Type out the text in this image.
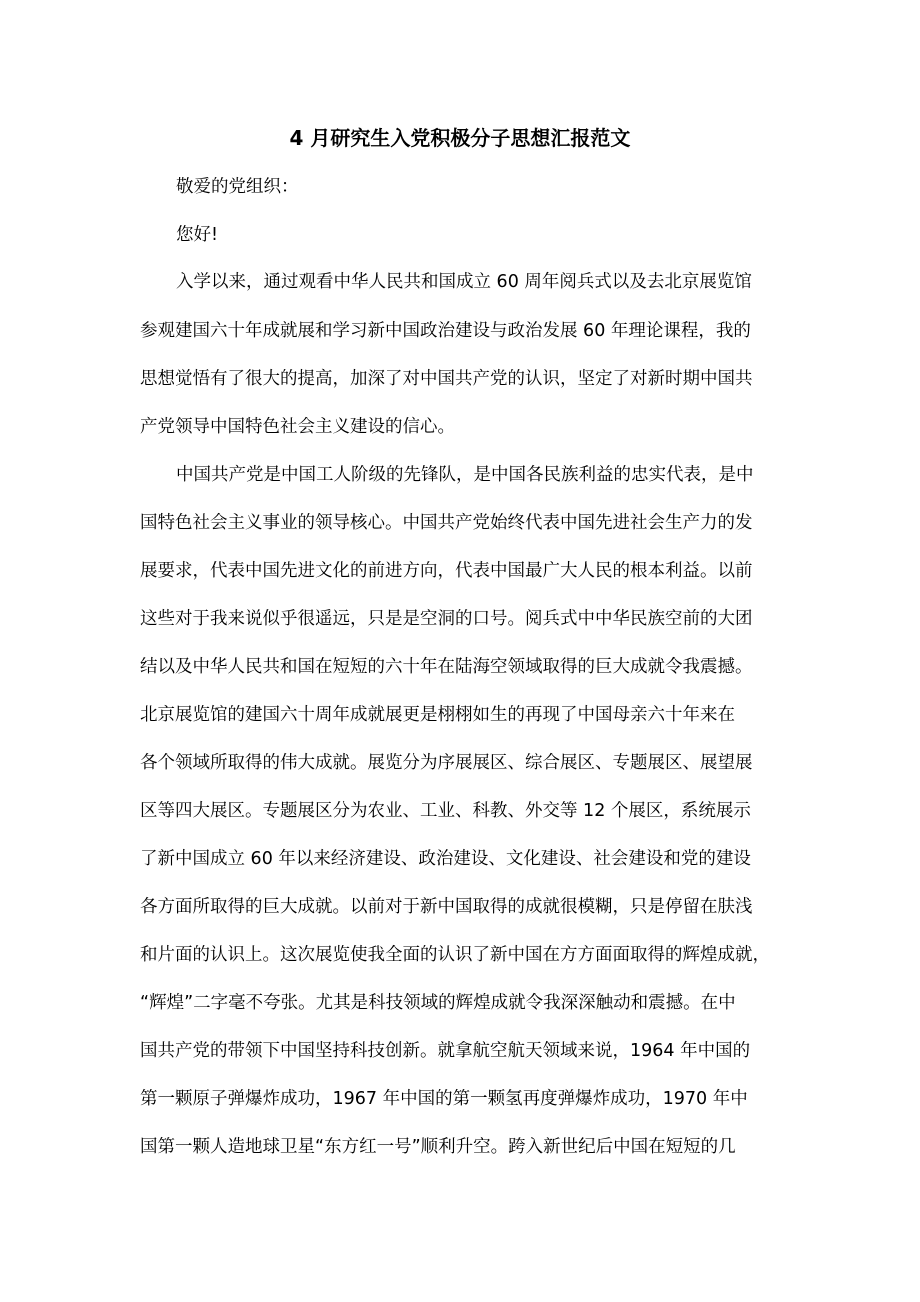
4 月研究生入党积极分子思想汇报范文
敬爱的党组织：
您好!
入学以来，通过观看中华人民共和国成立 60 周年阅兵式以及去北京展览馆
参观建国六十年成就展和学习新中国政治建设与政治发展 60 年理论课程，我的
思想觉悟有了很大的提高，加深了对中国共产党的认识，坚定了对新时期中国共
产党领导中国特色社会主义建设的信心。
中国共产党是中国工人阶级的先锋队，是中国各民族利益的忠实代表，是中
国特色社会主义事业的领导核心。中国共产党始终代表中国先进社会生产力的发
展要求，代表中国先进文化的前进方向，代表中国最广大人民的根本利益。以前
这些对于我来说似乎很遥远，只是是空洞的口号。阅兵式中中华民族空前的大团
结以及中华人民共和国在短短的六十年在陆海空领域取得的巨大成就令我震撼。
北京展览馆的建国六十周年成就展更是栩栩如生的再现了中国母亲六十年来在
各个领域所取得的伟大成就。展览分为序展展区、综合展区、专题展区、展望展
区等四大展区。专题展区分为农业、工业、科教、外交等 12 个展区，系统展示
了新中国成立 60 年以来经济建设、政治建设、文化建设、社会建设和党的建设
各方面所取得的巨大成就。以前对于新中国取得的成就很模糊，只是停留在肤浅
和片面的认识上。这次展览使我全面的认识了新中国在方方面面取得的辉煌成就，
“辉煌”二字毫不夸张。尤其是科技领域的辉煌成就令我深深触动和震撼。在中
国共产党的带领下中国坚持科技创新。就拿航空航天领域来说，1964 年中国的
第一颗原子弹爆炸成功，1967 年中国的第一颗氢再度弹爆炸成功，1970 年中
国第一颗人造地球卫星“东方红一号”顺利升空。跨入新世纪后中国在短短的几
